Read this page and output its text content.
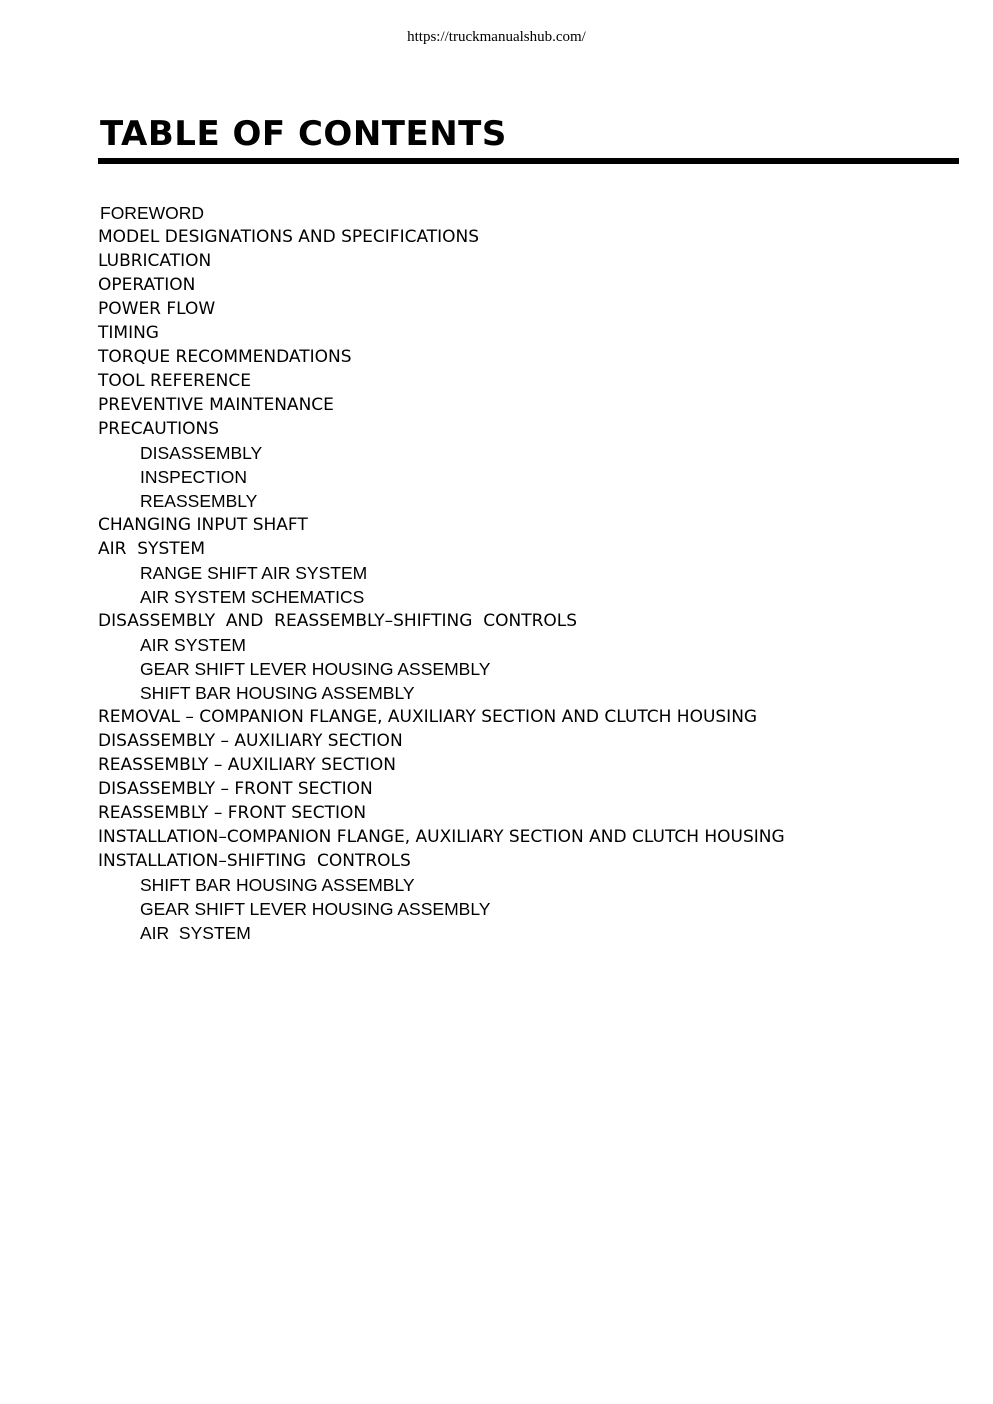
https://truckmanualshub.com/
TABLE OF CONTENTS
FOREWORD
MODEL DESIGNATIONS AND SPECIFICATIONS
LUBRICATION
OPERATION
POWER FLOW
TIMING
TORQUE RECOMMENDATIONS
TOOL REFERENCE
PREVENTIVE MAINTENANCE
PRECAUTIONS
DISASSEMBLY
INSPECTION
REASSEMBLY
CHANGING INPUT SHAFT
AIR  SYSTEM
RANGE SHIFT AIR SYSTEM
AIR SYSTEM SCHEMATICS
DISASSEMBLY  AND  REASSEMBLY–SHIFTING  CONTROLS
AIR SYSTEM
GEAR SHIFT LEVER HOUSING ASSEMBLY
SHIFT BAR HOUSING ASSEMBLY
REMOVAL – COMPANION FLANGE, AUXILIARY SECTION AND CLUTCH HOUSING
DISASSEMBLY – AUXILIARY SECTION
REASSEMBLY – AUXILIARY SECTION
DISASSEMBLY – FRONT SECTION
REASSEMBLY – FRONT SECTION
INSTALLATION–COMPANION FLANGE, AUXILIARY SECTION AND CLUTCH HOUSING
INSTALLATION–SHIFTING  CONTROLS
SHIFT BAR HOUSING ASSEMBLY
GEAR SHIFT LEVER HOUSING ASSEMBLY
AIR  SYSTEM
